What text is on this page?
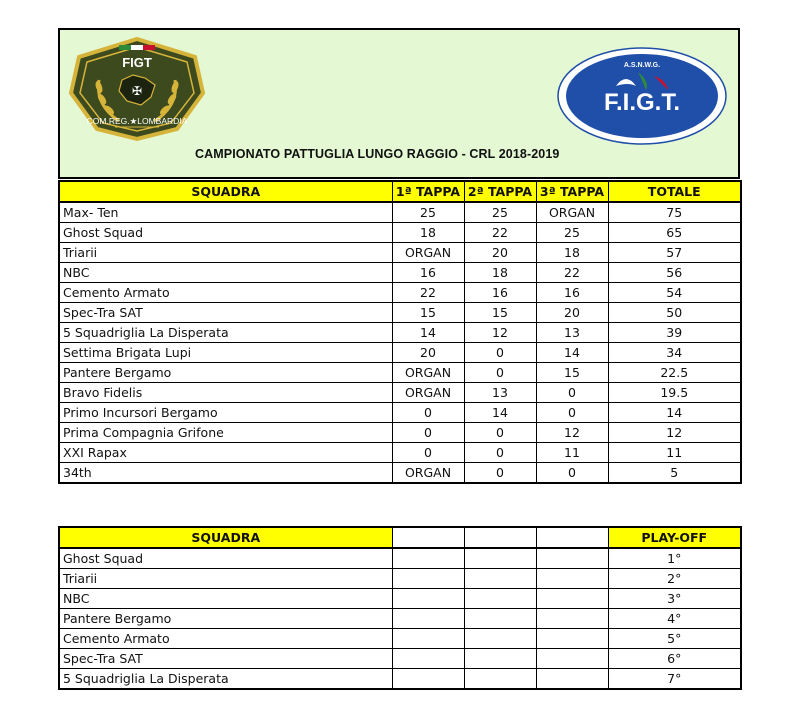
FIGT
✠
COM.REG.★LOMBARDIA
A.S.N.W.G.
F.I.G.T.
FEDERAZIONE ITALIANA GIOCHI TATTICI
CAMPIONATO PATTUGLIA LUNGO RAGGIO - CRL 2018-2019
SQUADRA	1ª TAPPA	2ª TAPPA	3ª TAPPA	TOTALE
Max- Ten	25	25	ORGAN	75
Ghost Squad	18	22	25	65
Triarii	ORGAN	20	18	57
NBC	16	18	22	56
Cemento Armato	22	16	16	54
Spec-Tra SAT	15	15	20	50
5 Squadriglia La Disperata	14	12	13	39
Settima Brigata Lupi	20	0	14	34
Pantere Bergamo	ORGAN	0	15	22.5
Bravo Fidelis	ORGAN	13	0	19.5
Primo Incursori Bergamo	0	14	0	14
Prima Compagnia Grifone	0	0	12	12
XXI Rapax	0	0	11	11
34th	ORGAN	0	0	5
SQUADRA				PLAY-OFF
Ghost Squad				1°
Triarii				2°
NBC				3°
Pantere Bergamo				4°
Cemento Armato				5°
Spec-Tra SAT				6°
5 Squadriglia La Disperata				7°
